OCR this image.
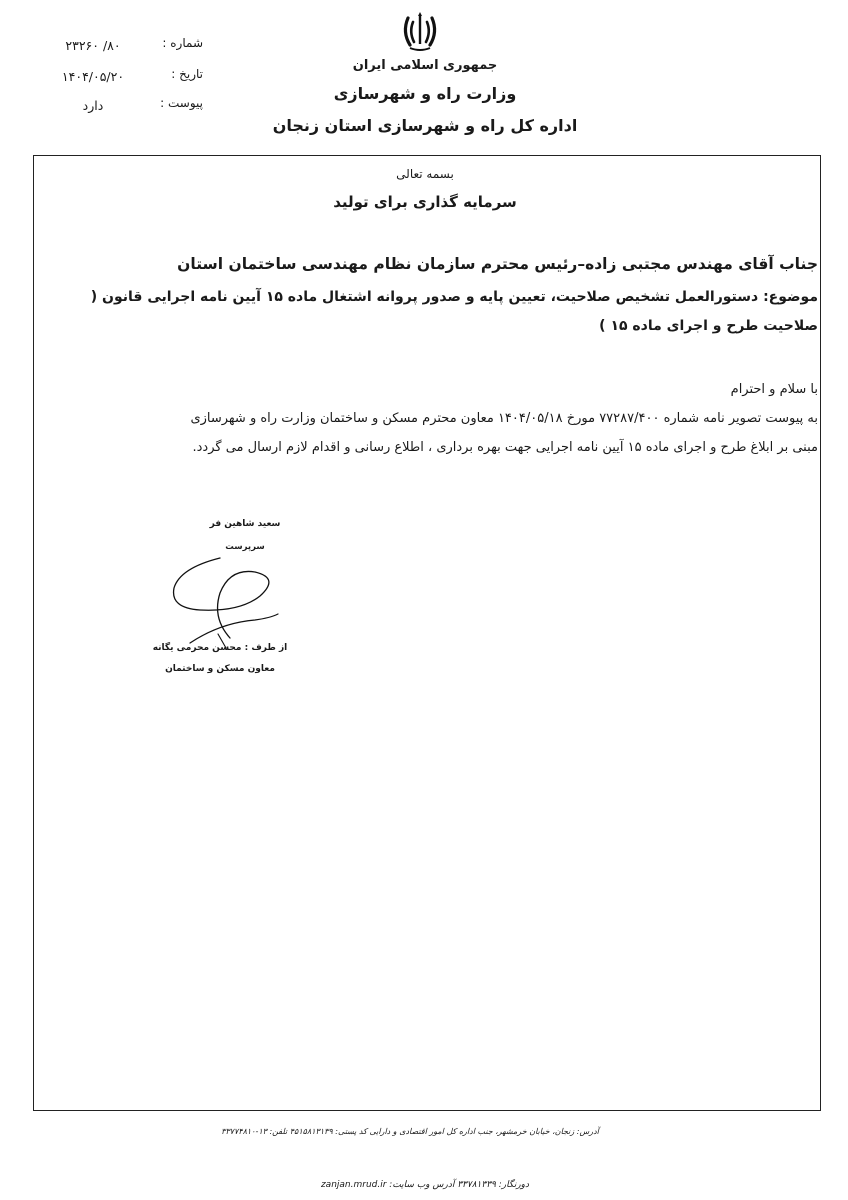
شماره :
۸۰/ ۲۳۲۶۰
تاریخ :
۱۴۰۴/۰۵/۲۰
پیوست :
دارد
جمهوری اسلامی ایران
وزارت راه و شهرسازی
اداره کل راه و شهرسازی استان زنجان
بسمه تعالی
سرمایه گذاری برای تولید
جناب آقای مهندس مجتبی زاده–رئیس محترم سازمان نظام مهندسی ساختمان استان
موضوع: دستورالعمل تشخیص صلاحیت، تعیین پایه و صدور پروانه اشتغال ماده ۱۵ آیین نامه اجرایی قانون (
صلاحیت طرح و اجرای ماده ۱۵ )
با سلام و احترام
به پیوست تصویر نامه شماره ۷۷۲۸۷/۴۰۰ مورخ ۱۴۰۴/۰۵/۱۸ معاون محترم مسکن و ساختمان وزارت راه و شهرسازی
مبنی بر ابلاغ طرح و اجرای ماده ۱۵ آیین نامه اجرایی جهت بهره برداری ، اطلاع رسانی و اقدام لازم ارسال می گردد.
سعید شاهین فر
سرپرست
از طرف : محسن محرمی یگانه
معاون مسکن و ساختمان
آدرس: زنجان، خیابان خرمشهر، جنب اداره کل امور اقتصادی و دارایی کد پستی: ۴۵۱۵۸۱۳۱۳۹ تلفن: ۱۳-۳۳۷۷۴۸۱۰
دورنگار: ۳۳۷۸۱۳۳۹ آدرس وب سایت: zanjan.mrud.ir
